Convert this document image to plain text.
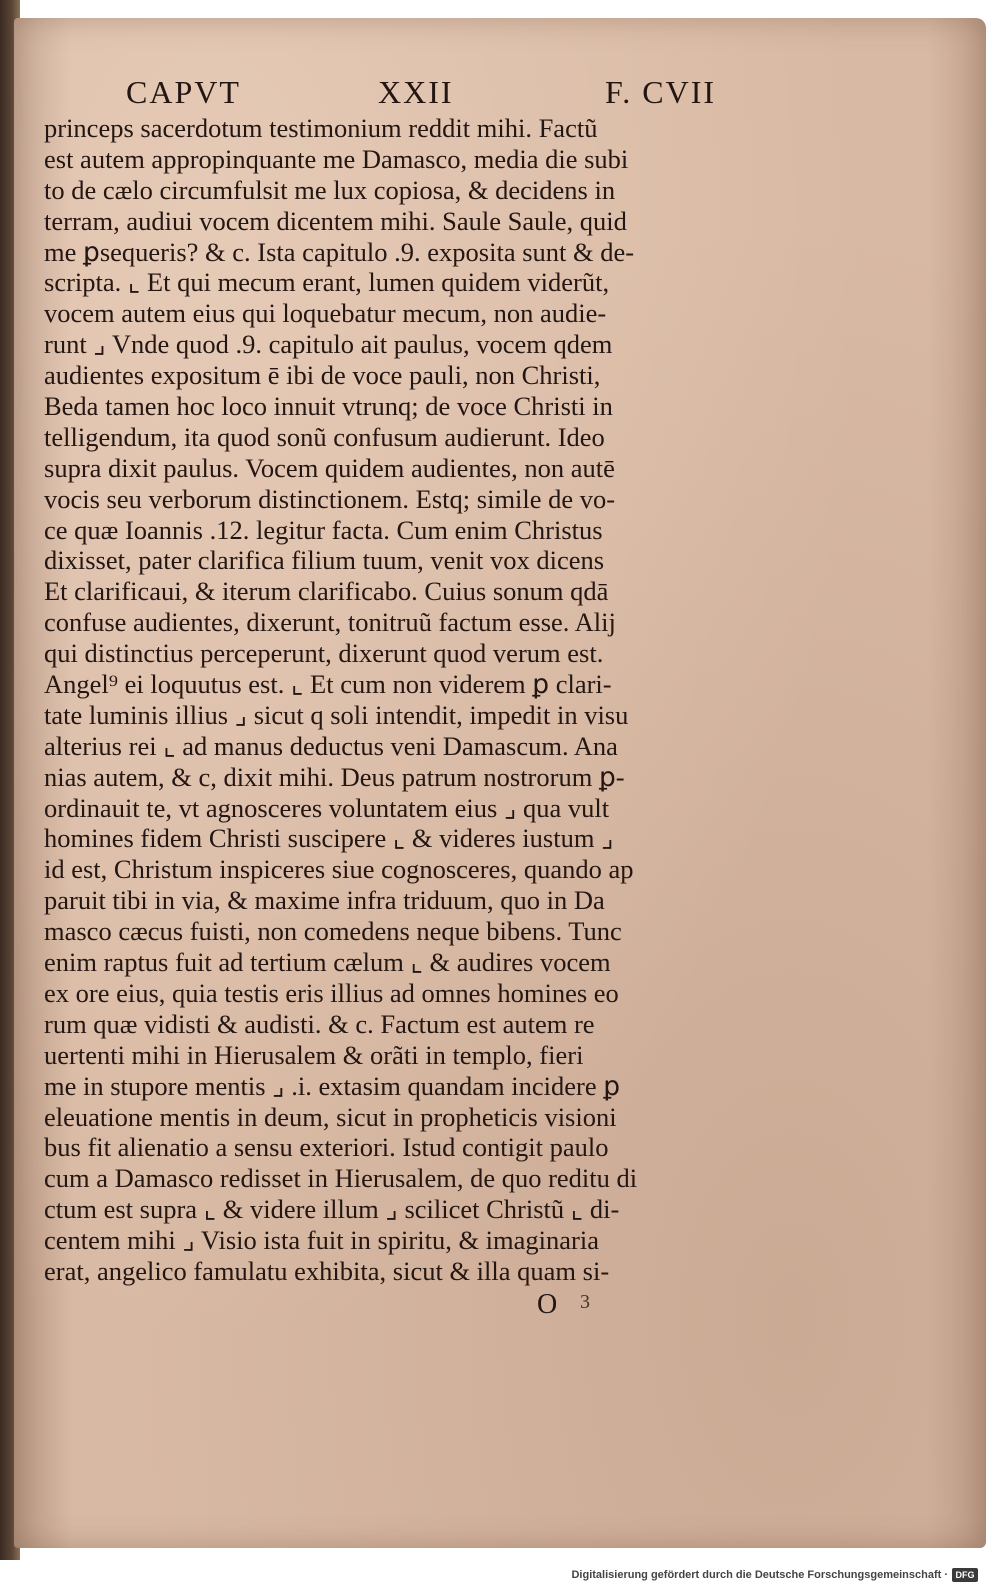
CAPVT	XXII	F. CVII
princeps sacerdotum testimonium reddit mihi. Factũ
est autem appropinquante me Damasco, media die subi
to de cælo circumfulsit me lux copiosa, & decidens in
terram, audiui vocem dicentem mihi. Saule Saule, quid
me ꝑsequeris? & c. Ista capitulo .9. exposita sunt & de-
scripta. ⌞ Et qui mecum erant, lumen quidem viderũt,
vocem autem eius qui loquebatur mecum, non audie-
runt ⌟ Vnde quod .9. capitulo ait paulus, vocem qdem
audientes expositum ē ibi de voce pauli, non Christi,
Beda tamen hoc loco innuit vtrunq; de voce Christi in
telligendum, ita quod sonũ confusum audierunt. Ideo
supra dixit paulus. Vocem quidem audientes, non autē
vocis seu verborum distinctionem. Estq; simile de vo-
ce quæ Ioannis .12. legitur facta. Cum enim Christus
dixisset, pater clarifica filium tuum, venit vox dicens
Et clarificaui, & iterum clarificabo. Cuius sonum qdā
confuse audientes, dixerunt, tonitruũ factum esse. Alij
qui distinctius perceperunt, dixerunt quod verum est.
Angel⁹ ei loquutus est. ⌞ Et cum non viderem ꝑ clari-
tate luminis illius ⌟ sicut q soli intendit, impedit in visu
alterius rei ⌞ ad manus deductus veni Damascum. Ana
nias autem, & c, dixit mihi. Deus patrum nostrorum ꝑ-
ordinauit te, vt agnosceres voluntatem eius ⌟ qua vult
homines fidem Christi suscipere ⌞ & videres iustum ⌟
id est, Christum inspiceres siue cognosceres, quando ap
paruit tibi in via, & maxime infra triduum, quo in Da
masco cæcus fuisti, non comedens neque bibens. Tunc
enim raptus fuit ad tertium cælum ⌞ & audires vocem
ex ore eius, quia testis eris illius ad omnes homines eo
rum quæ vidisti & audisti. & c. Factum est autem re
uertenti mihi in Hierusalem & orãti in templo, fieri
me in stupore mentis ⌟ .i. extasim quandam incidere ꝑ
eleuatione mentis in deum, sicut in propheticis visioni
bus fit alienatio a sensu exteriori. Istud contigit paulo
cum a Damasco redisset in Hierusalem, de quo reditu di
ctum est supra ⌞ & videre illum ⌟ scilicet Christũ ⌞ di-
centem mihi ⌟ Visio ista fuit in spiritu, & imaginaria
erat, angelico famulatu exhibita, sicut & illa quam si-
O 3
Digitalisierung gefördert durch die Deutsche Forschungsgemeinschaft · DFG
